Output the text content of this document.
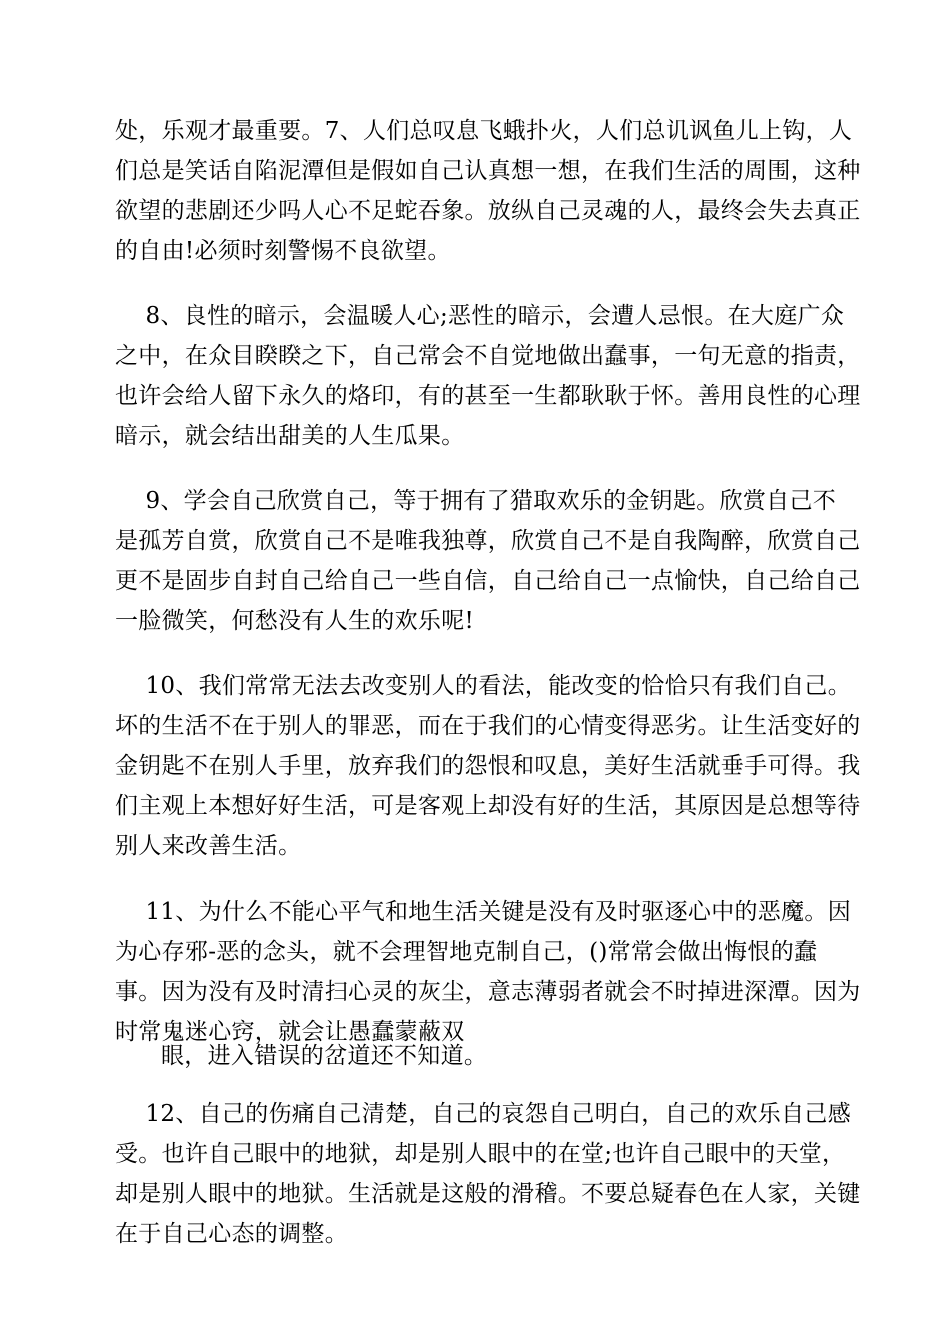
处，乐观才最重要。7、人们总叹息飞蛾扑火，人们总讥讽鱼儿上钩，人
们总是笑话自陷泥潭但是假如自己认真想一想，在我们生活的周围，这种
欲望的悲剧还少吗人心不足蛇吞象。放纵自己灵魂的人，最终会失去真正
的自由!必须时刻警惕不良欲望。
8、良性的暗示，会温暖人心;恶性的暗示，会遭人忌恨。在大庭广众
之中，在众目睽睽之下，自己常会不自觉地做出蠢事，一句无意的指责，
也许会给人留下永久的烙印，有的甚至一生都耿耿于怀。善用良性的心理
暗示，就会结出甜美的人生瓜果。
9、学会自己欣赏自己，等于拥有了猎取欢乐的金钥匙。欣赏自己不
是孤芳自赏，欣赏自己不是唯我独尊，欣赏自己不是自我陶醉，欣赏自己
更不是固步自封自己给自己一些自信，自己给自己一点愉快，自己给自己
一脸微笑，何愁没有人生的欢乐呢!
10、我们常常无法去改变别人的看法，能改变的恰恰只有我们自己。
坏的生活不在于别人的罪恶，而在于我们的心情变得恶劣。让生活变好的
金钥匙不在别人手里，放弃我们的怨恨和叹息，美好生活就垂手可得。我
们主观上本想好好生活，可是客观上却没有好的生活，其原因是总想等待
别人来改善生活。
11、为什么不能心平气和地生活关键是没有及时驱逐心中的恶魔。因
为心存邪-恶的念头，就不会理智地克制自己，()常常会做出悔恨的蠢
事。因为没有及时清扫心灵的灰尘，意志薄弱者就会不时掉进深潭。因为
时常鬼迷心窍，就会让愚蠢蒙蔽双
眼，进入错误的岔道还不知道。
12、自己的伤痛自己清楚，自己的哀怨自己明白，自己的欢乐自己感
受。也许自己眼中的地狱，却是别人眼中的在堂;也许自己眼中的天堂，
却是别人眼中的地狱。生活就是这般的滑稽。不要总疑春色在人家，关键
在于自己心态的调整。
